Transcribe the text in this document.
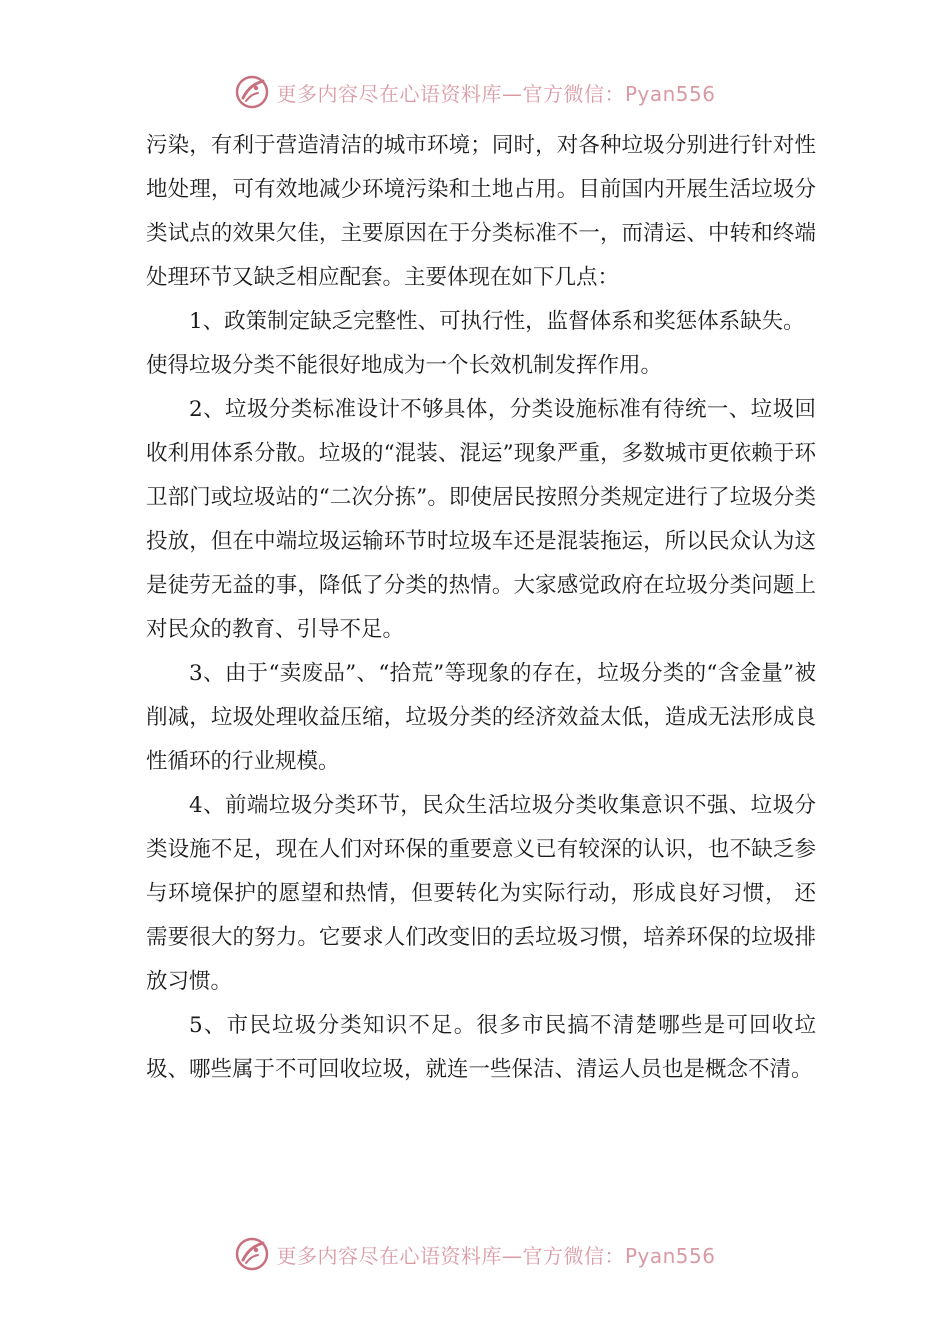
更多内容尽在心语资料库—官方微信：Pyan556

污染，有利于营造清洁的城市环境；同时，对各种垃圾分别进行针对性地处理，可有效地减少环境污染和土地占用。目前国内开展生活垃圾分类试点的效果欠佳，主要原因在于分类标准不一，而清运、中转和终端处理环节又缺乏相应配套。主要体现在如下几点：

1、政策制定缺乏完整性、可执行性，监督体系和奖惩体系缺失。

使得垃圾分类不能很好地成为一个长效机制发挥作用。

2、垃圾分类标准设计不够具体，分类设施标准有待统一、垃圾回收利用体系分散。垃圾的“混装、混运”现象严重，多数城市更依赖于环卫部门或垃圾站的“二次分拣”。即使居民按照分类规定进行了垃圾分类投放，但在中端垃圾运输环节时垃圾车还是混装拖运，所以民众认为这是徒劳无益的事，降低了分类的热情。大家感觉政府在垃圾分类问题上对民众的教育、引导不足。

3、由于“卖废品”、“拾荒”等现象的存在，垃圾分类的“含金量”被削减，垃圾处理收益压缩，垃圾分类的经济效益太低，造成无法形成良性循环的行业规模。

4、前端垃圾分类环节，民众生活垃圾分类收集意识不强、垃圾分类设施不足，现在人们对环保的重要意义已有较深的认识，也不缺乏参与环境保护的愿望和热情，但要转化为实际行动，形成良好习惯， 还需要很大的努力。它要求人们改变旧的丢垃圾习惯，培养环保的垃圾排放习惯。

5、市民垃圾分类知识不足。很多市民搞不清楚哪些是可回收垃圾、哪些属于不可回收垃圾，就连一些保洁、清运人员也是概念不清。

更多内容尽在心语资料库—官方微信：Pyan556
